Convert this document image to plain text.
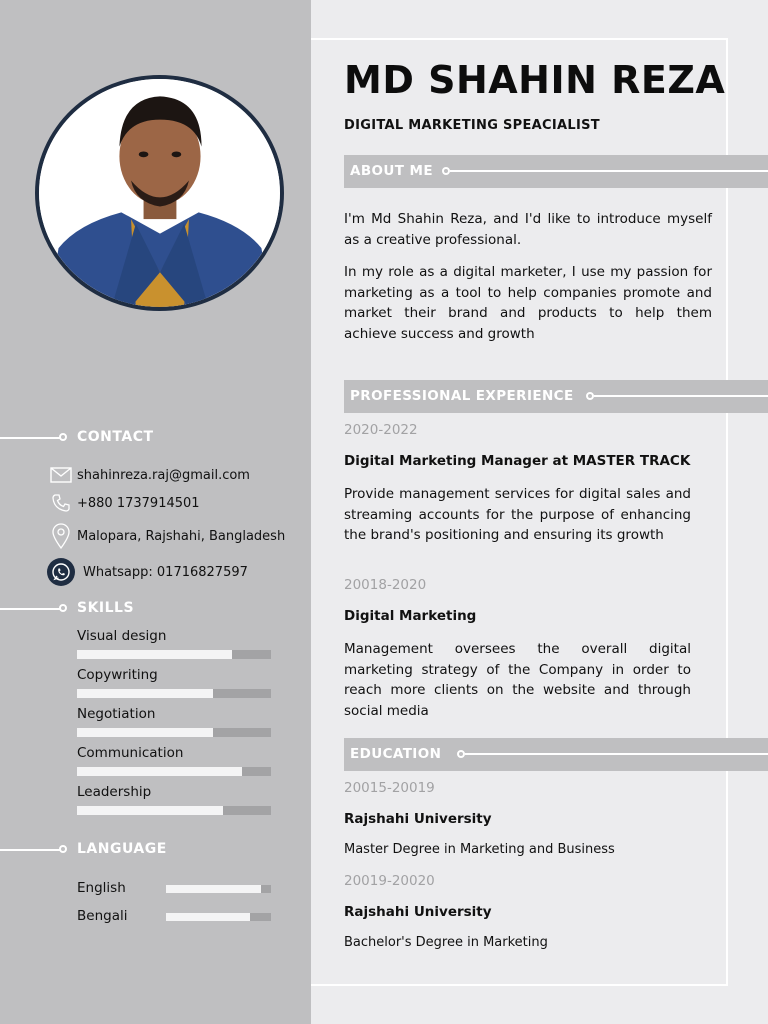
CONTACT
shahinreza.raj@gmail.com
+880 1737914501
Malopara, Rajshahi, Bangladesh
Whatsapp: 01716827597
SKILLS
Visual design
Copywriting
Negotiation
Communication
Leadership
LANGUAGE
English
Bengali
MD SHAHIN REZA
DIGITAL MARKETING SPEACIALIST
ABOUT ME
I'm Md Shahin Reza, and I'd like to introduce myself as a creative professional.
In my role as a digital marketer, I use my passion for marketing as a tool to help companies promote and market their brand and products to help them achieve success and growth
PROFESSIONAL EXPERIENCE
2020-2022
Digital Marketing Manager at MASTER TRACK
Provide management services for digital sales and streaming accounts for the purpose of enhancing the brand's positioning and ensuring its growth
20018-2020
Digital Marketing
Management oversees the overall digital marketing strategy of the Company in order to reach more clients on the website and through social media
EDUCATION
20015-20019
Rajshahi University
Master Degree in Marketing and Business
20019-20020
Rajshahi University
Bachelor's Degree in Marketing
